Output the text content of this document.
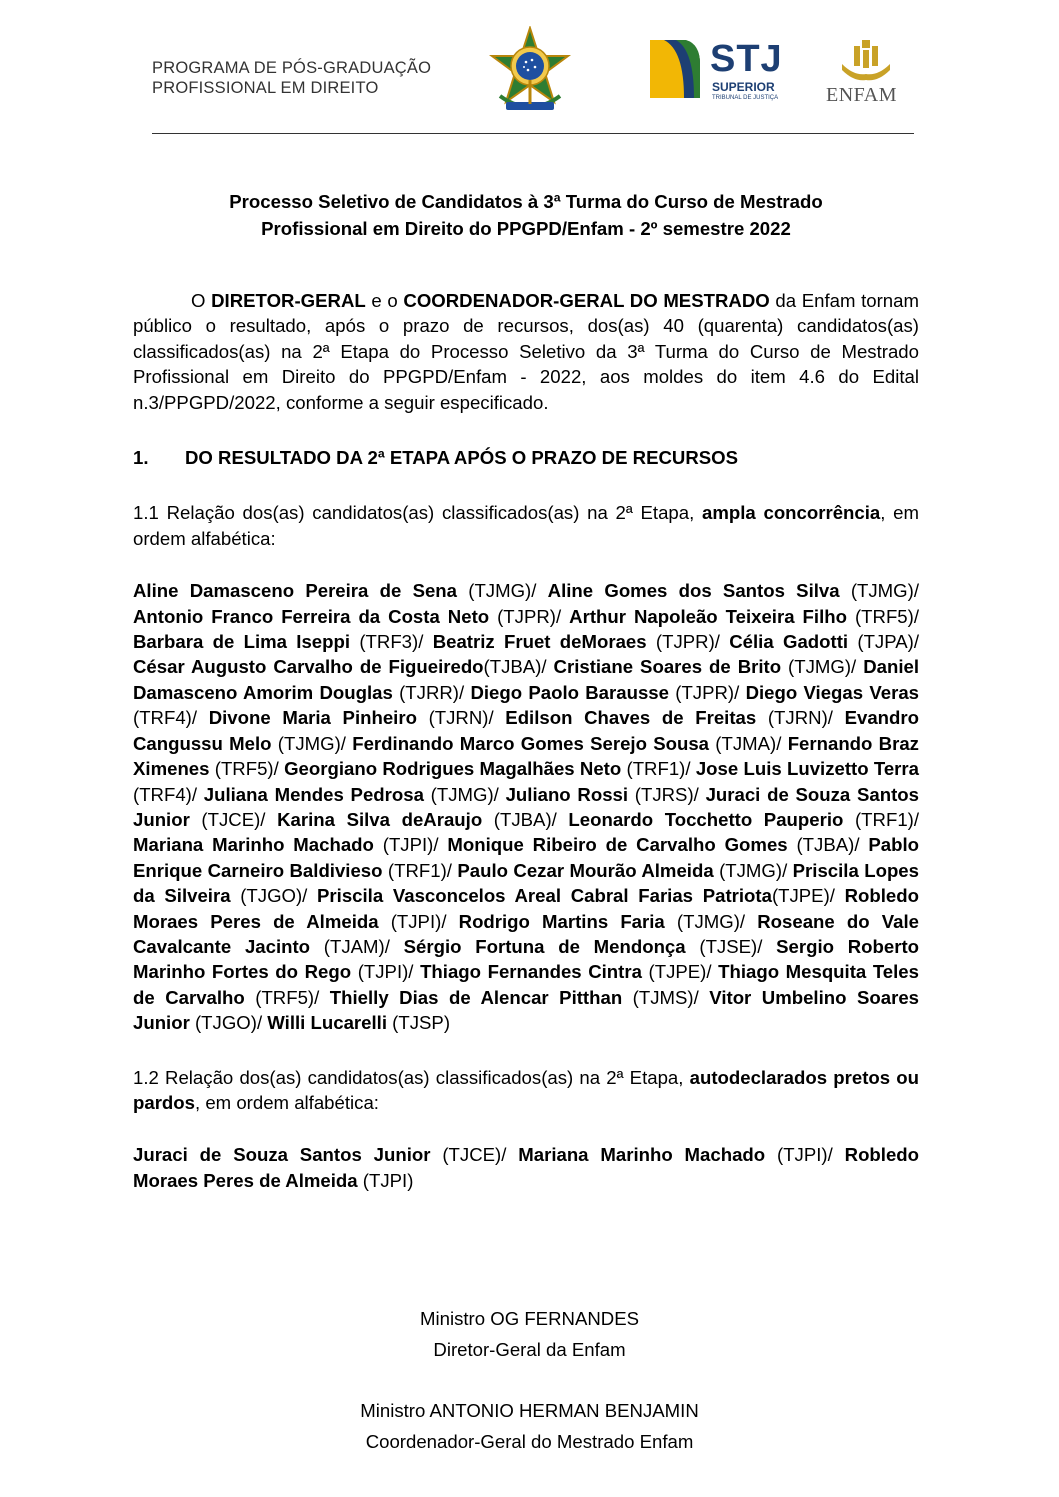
PROGRAMA DE PÓS-GRADUAÇÃO
PROFISSIONAL EM DIREITO
STJ
SUPERIOR
TRIBUNAL DE JUSTIÇA ENFAM

Processo Seletivo de Candidatos à 3ª Turma do Curso de Mestrado
Profissional em Direito do PPGPD/Enfam - 2º semestre 2022

O DIRETOR-GERAL e o COORDENADOR-GERAL DO MESTRADO da Enfam tornam público o resultado, após o prazo de recursos, dos(as) 40 (quarenta) candidatos(as) classificados(as) na 2ª Etapa do Processo Seletivo da 3ª Turma do Curso de Mestrado Profissional em Direito do PPGPD/Enfam - 2022, aos moldes do item 4.6 do Edital n.3/PPGPD/2022, conforme a seguir especificado.

1.	DO RESULTADO DA 2ª ETAPA APÓS O PRAZO DE RECURSOS

1.1 Relação dos(as) candidatos(as) classificados(as) na 2ª Etapa, ampla concorrência, em ordem alfabética:

Aline Damasceno Pereira de Sena (TJMG)/ Aline Gomes dos Santos Silva (TJMG)/ Antonio Franco Ferreira da Costa Neto (TJPR)/ Arthur Napoleão Teixeira Filho (TRF5)/ Barbara de Lima Iseppi (TRF3)/ Beatriz Fruet deMoraes (TJPR)/ Célia Gadotti (TJPA)/ César Augusto Carvalho de Figueiredo(TJBA)/ Cristiane Soares de Brito (TJMG)/ Daniel Damasceno Amorim Douglas (TJRR)/ Diego Paolo Barausse (TJPR)/ Diego Viegas Veras (TRF4)/ Divone Maria Pinheiro (TJRN)/ Edilson Chaves de Freitas (TJRN)/ Evandro Cangussu Melo (TJMG)/ Ferdinando Marco Gomes Serejo Sousa (TJMA)/ Fernando Braz Ximenes (TRF5)/ Georgiano Rodrigues Magalhães Neto (TRF1)/ Jose Luis Luvizetto Terra (TRF4)/ Juliana Mendes Pedrosa (TJMG)/ Juliano Rossi (TJRS)/ Juraci de Souza Santos Junior (TJCE)/ Karina Silva deAraujo (TJBA)/ Leonardo Tocchetto Pauperio (TRF1)/ Mariana Marinho Machado (TJPI)/ Monique Ribeiro de Carvalho Gomes (TJBA)/ Pablo Enrique Carneiro Baldivieso (TRF1)/ Paulo Cezar Mourão Almeida (TJMG)/ Priscila Lopes da Silveira (TJGO)/ Priscila Vasconcelos Areal Cabral Farias Patriota(TJPE)/ Robledo Moraes Peres de Almeida (TJPI)/ Rodrigo Martins Faria (TJMG)/ Roseane do Vale Cavalcante Jacinto (TJAM)/ Sérgio Fortuna de Mendonça (TJSE)/ Sergio Roberto Marinho Fortes do Rego (TJPI)/ Thiago Fernandes Cintra (TJPE)/ Thiago Mesquita Teles de Carvalho (TRF5)/ Thielly Dias de Alencar Pitthan (TJMS)/ Vitor Umbelino Soares Junior (TJGO)/ Willi Lucarelli (TJSP)

1.2 Relação dos(as) candidatos(as) classificados(as) na 2ª Etapa, autodeclarados pretos ou pardos, em ordem alfabética:

Juraci de Souza Santos Junior (TJCE)/ Mariana Marinho Machado (TJPI)/ Robledo Moraes Peres de Almeida (TJPI)

Ministro OG FERNANDES
Diretor-Geral da Enfam
Ministro ANTONIO HERMAN BENJAMIN
Coordenador-Geral do Mestrado Enfam
